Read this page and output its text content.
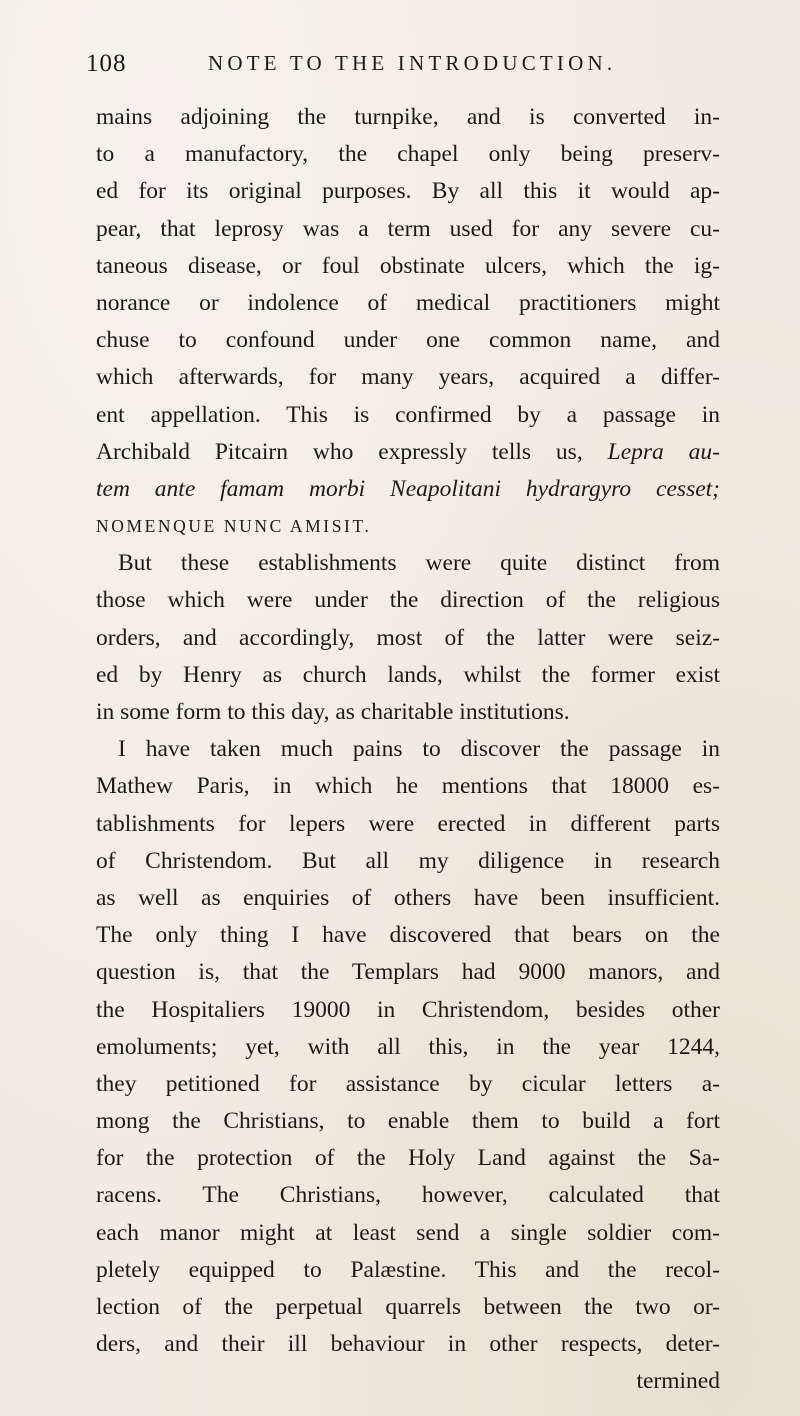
108	NOTE TO THE INTRODUCTION.
mains adjoining the turnpike, and is converted in-
to a manufactory, the chapel only being preserv-
ed for its original purposes. By all this it would ap-
pear, that leprosy was a term used for any severe cu-
taneous disease, or foul obstinate ulcers, which the ig-
norance or indolence of medical practitioners might
chuse to confound under one common name, and
which afterwards, for many years, acquired a differ-
ent appellation. This is confirmed by a passage in
Archibald Pitcairn who expressly tells us, Lepra au-
tem ante famam morbi Neapolitani hydrargyro cesset;
NOMENQUE NUNC AMISIT.
But these establishments were quite distinct from
those which were under the direction of the religious
orders, and accordingly, most of the latter were seiz-
ed by Henry as church lands, whilst the former exist
in some form to this day, as charitable institutions.
I have taken much pains to discover the passage in
Mathew Paris, in which he mentions that 18000 es-
tablishments for lepers were erected in different parts
of Christendom. But all my diligence in research
as well as enquiries of others have been insufficient.
The only thing I have discovered that bears on the
question is, that the Templars had 9000 manors, and
the Hospitaliers 19000 in Christendom, besides other
emoluments; yet, with all this, in the year 1244,
they petitioned for assistance by cicular letters a-
mong the Christians, to enable them to build a fort
for the protection of the Holy Land against the Sa-
racens. The Christians, however, calculated that
each manor might at least send a single soldier com-
pletely equipped to Palæstine. This and the recol-
lection of the perpetual quarrels between the two or-
ders, and their ill behaviour in other respects, deter-
termined
